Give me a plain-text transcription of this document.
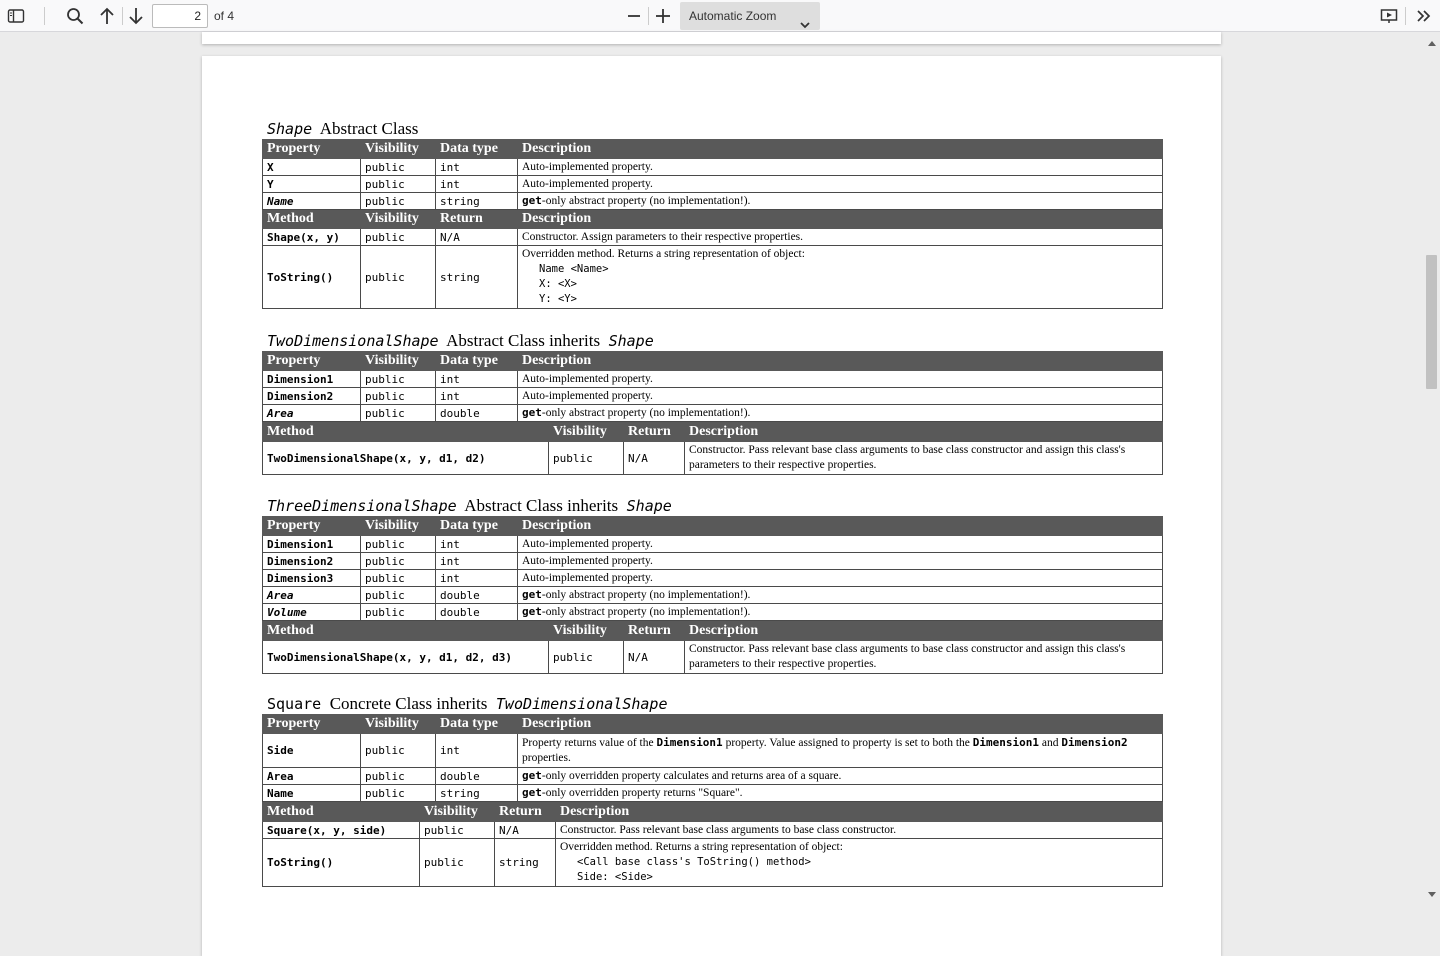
2	of 4	Automatic Zoom
Shape Abstract Class
Property	Visibility	Data type	Description
X	public	int	Auto-implemented property.
Y	public	int	Auto-implemented property.
Name	public	string	get-only abstract property (no implementation!).
Method	Visibility	Return	Description
Shape(x, y)	public	N/A	Constructor. Assign parameters to their respective properties.
ToString()	public	string	Overridden method. Returns a string representation of object:
Name <Name>
X: <X>
Y: <Y>
TwoDimensionalShape Abstract Class inherits Shape
Property	Visibility	Data type	Description
Dimension1	public	int	Auto-implemented property.
Dimension2	public	int	Auto-implemented property.
Area	public	double	get-only abstract property (no implementation!).
Method	Visibility	Return	Description
TwoDimensionalShape(x, y, d1, d2)	public	N/A	Constructor. Pass relevant base class arguments to base class constructor and assign this class's parameters to their respective properties.
ThreeDimensionalShape Abstract Class inherits Shape
Property	Visibility	Data type	Description
Dimension1	public	int	Auto-implemented property.
Dimension2	public	int	Auto-implemented property.
Dimension3	public	int	Auto-implemented property.
Area	public	double	get-only abstract property (no implementation!).
Volume	public	double	get-only abstract property (no implementation!).
Method	Visibility	Return	Description
TwoDimensionalShape(x, y, d1, d2, d3)	public	N/A	Constructor. Pass relevant base class arguments to base class constructor and assign this class's parameters to their respective properties.
Square Concrete Class inherits TwoDimensionalShape
Property	Visibility	Data type	Description
Side	public	int	Property returns value of the Dimension1 property. Value assigned to property is set to both the Dimension1 and Dimension2 properties.
Area	public	double	get-only overridden property calculates and returns area of a square.
Name	public	string	get-only overridden property returns "Square".
Method	Visibility	Return	Description
Square(x, y, side)	public	N/A	Constructor. Pass relevant base class arguments to base class constructor.
ToString()	public	string	Overridden method. Returns a string representation of object:
<Call base class's ToString() method>
Side: <Side>
